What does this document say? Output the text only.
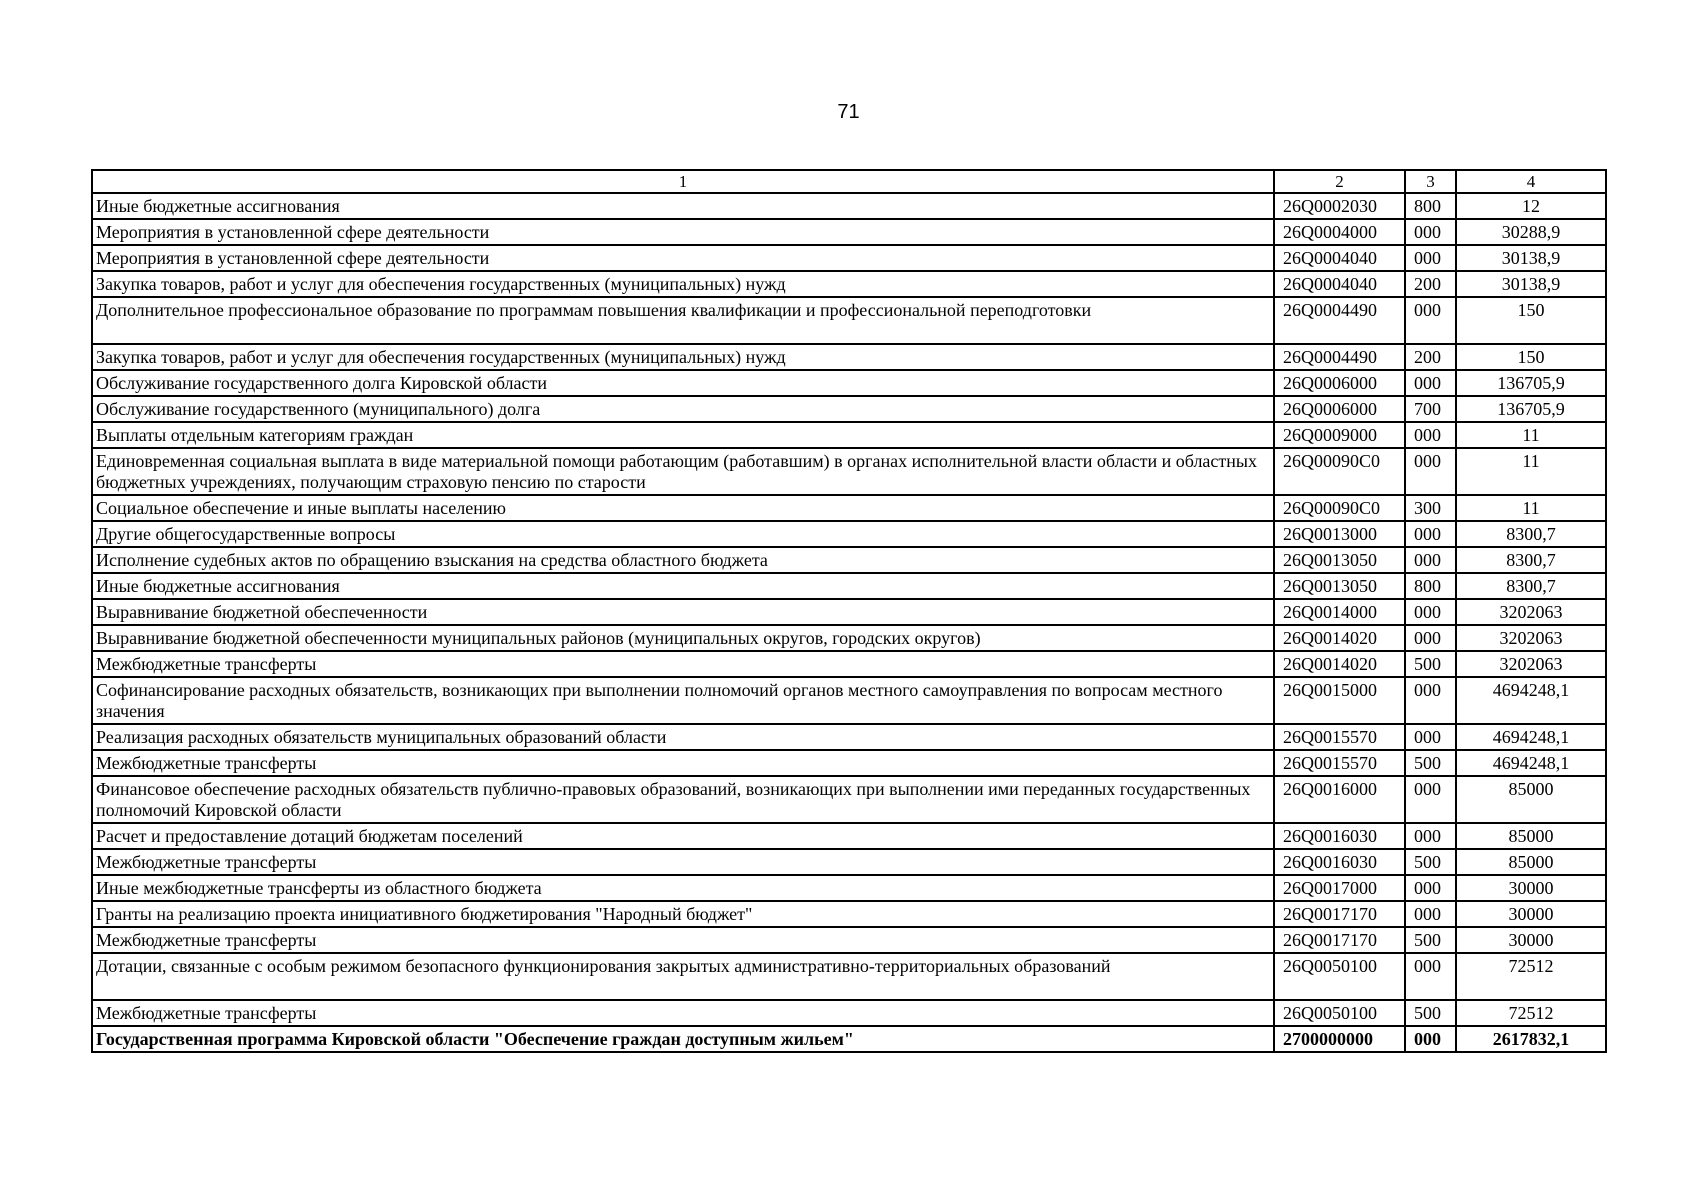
71
1	2	3	4
Иные бюджетные ассигнования	26Q0002030	800	12
Мероприятия в установленной сфере деятельности	26Q0004000	000	30288,9
Мероприятия в установленной сфере деятельности	26Q0004040	000	30138,9
Закупка товаров, работ и услуг для обеспечения государственных (муниципальных) нужд	26Q0004040	200	30138,9
Дополнительное профессиональное образование по программам повышения квалификации и профессиональной переподготовки	26Q0004490	000	150
Закупка товаров, работ и услуг для обеспечения государственных (муниципальных) нужд	26Q0004490	200	150
Обслуживание государственного долга Кировской области	26Q0006000	000	136705,9
Обслуживание государственного (муниципального) долга	26Q0006000	700	136705,9
Выплаты отдельным категориям граждан	26Q0009000	000	11
Единовременная социальная выплата в виде материальной помощи работающим (работавшим) в органах исполнительной власти области и областных бюджетных учреждениях, получающим страховую пенсию по старости	26Q00090C0	000	11
Социальное обеспечение и иные выплаты населению	26Q00090C0	300	11
Другие общегосударственные вопросы	26Q0013000	000	8300,7
Исполнение судебных актов по обращению взыскания на средства областного бюджета	26Q0013050	000	8300,7
Иные бюджетные ассигнования	26Q0013050	800	8300,7
Выравнивание бюджетной обеспеченности	26Q0014000	000	3202063
Выравнивание бюджетной обеспеченности муниципальных районов (муниципальных округов, городских округов)	26Q0014020	000	3202063
Межбюджетные трансферты	26Q0014020	500	3202063
Софинансирование расходных обязательств, возникающих при выполнении полномочий органов местного самоуправления по вопросам местного значения	26Q0015000	000	4694248,1
Реализация расходных обязательств муниципальных образований области	26Q0015570	000	4694248,1
Межбюджетные трансферты	26Q0015570	500	4694248,1
Финансовое обеспечение расходных обязательств публично-правовых образований, возникающих при выполнении ими переданных государственных полномочий Кировской области	26Q0016000	000	85000
Расчет и предоставление дотаций бюджетам поселений	26Q0016030	000	85000
Межбюджетные трансферты	26Q0016030	500	85000
Иные межбюджетные трансферты из областного бюджета	26Q0017000	000	30000
Гранты на реализацию проекта инициативного бюджетирования "Народный бюджет"	26Q0017170	000	30000
Межбюджетные трансферты	26Q0017170	500	30000
Дотации, связанные с особым режимом безопасного функционирования закрытых административно-территориальных образований	26Q0050100	000	72512
Межбюджетные трансферты	26Q0050100	500	72512
Государственная программа Кировской области "Обеспечение граждан доступным жильем"	2700000000	000	2617832,1
